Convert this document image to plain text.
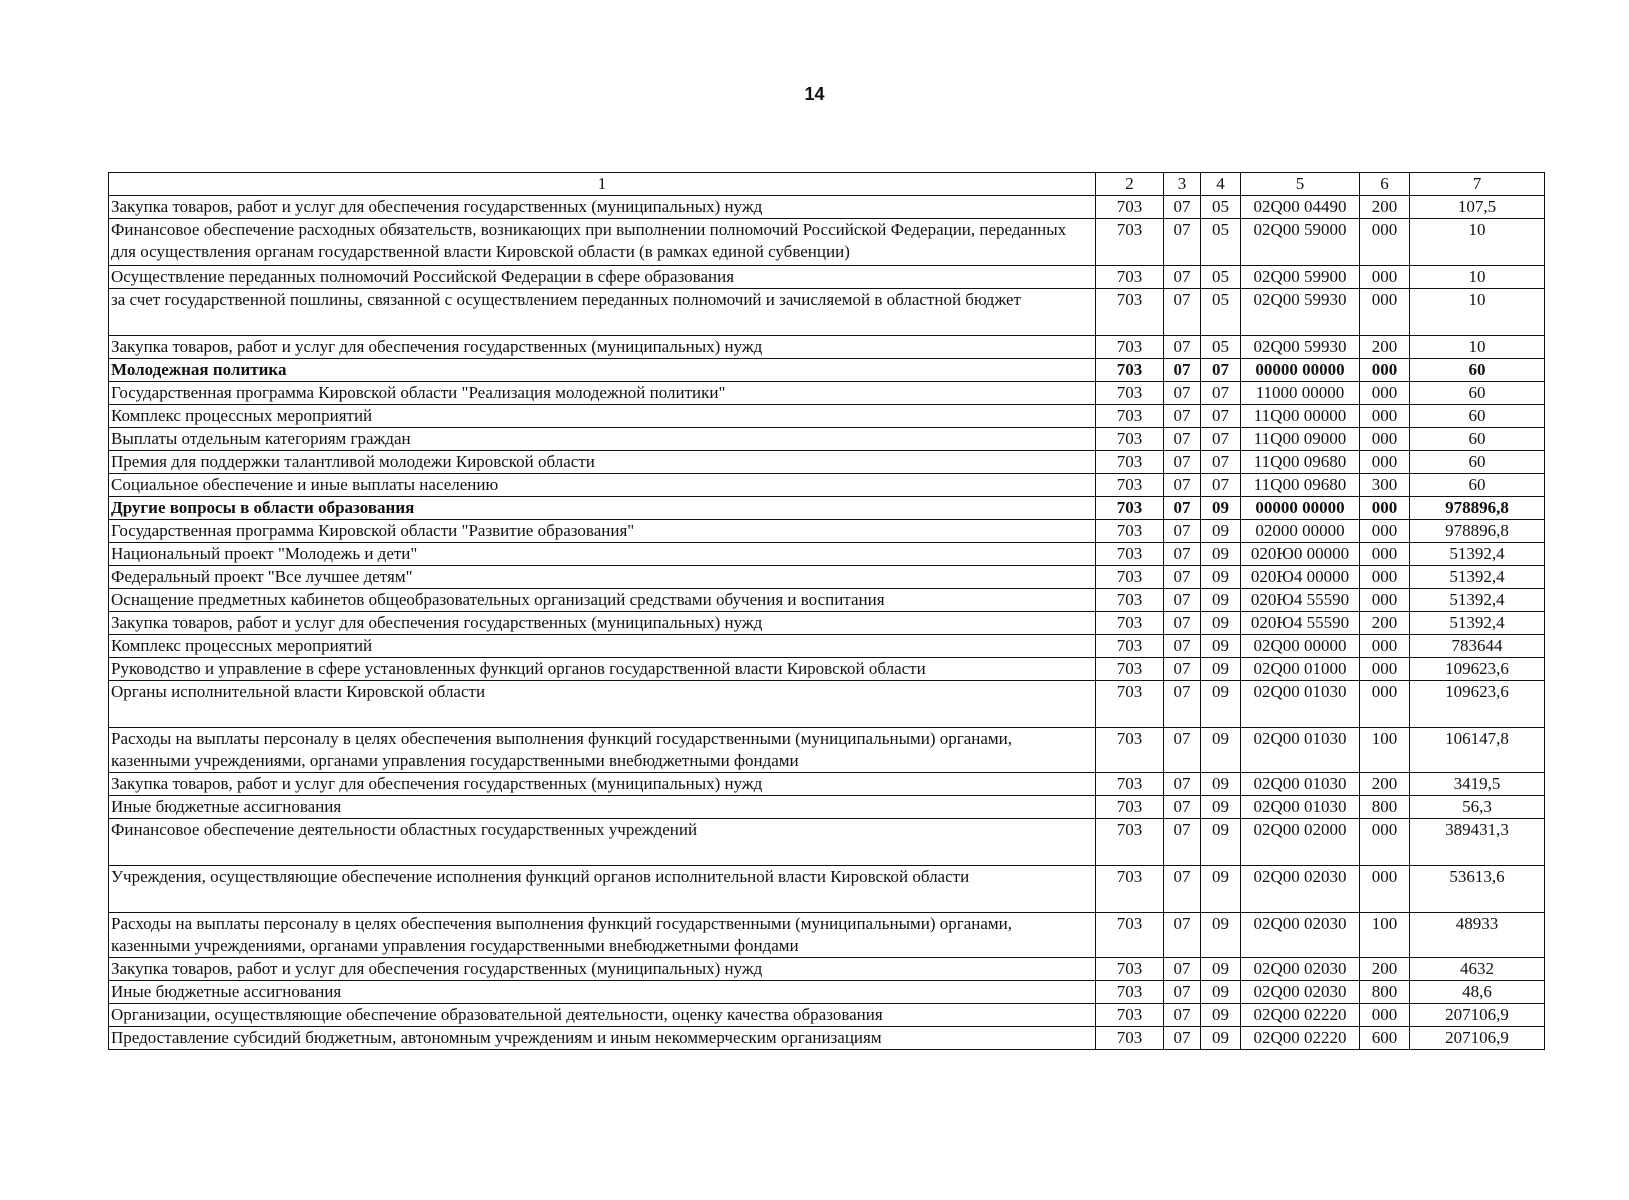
14
1	2	3	4	5	6	7
Закупка товаров, работ и услуг для обеспечения государственных (муниципальных) нужд	703	07	05	02Q00 04490	200	107,5
Финансовое обеспечение расходных обязательств, возникающих при выполнении полномочий Российской Федерации, переданных для осуществления органам государственной власти Кировской области (в рамках единой субвенции)	703	07	05	02Q00 59000	000	10
Осуществление переданных полномочий Российской Федерации в сфере образования	703	07	05	02Q00 59900	000	10
за счет государственной пошлины, связанной с осуществлением переданных полномочий и зачисляемой в областной бюджет	703	07	05	02Q00 59930	000	10
Закупка товаров, работ и услуг для обеспечения государственных (муниципальных) нужд	703	07	05	02Q00 59930	200	10
Молодежная политика	703	07	07	00000 00000	000	60
Государственная программа Кировской области "Реализация молодежной политики"	703	07	07	11000 00000	000	60
Комплекс процессных мероприятий	703	07	07	11Q00 00000	000	60
Выплаты отдельным категориям граждан	703	07	07	11Q00 09000	000	60
Премия для поддержки талантливой молодежи Кировской области	703	07	07	11Q00 09680	000	60
Социальное обеспечение и иные выплаты населению	703	07	07	11Q00 09680	300	60
Другие вопросы в области образования	703	07	09	00000 00000	000	978896,8
Государственная программа Кировской области "Развитие образования"	703	07	09	02000 00000	000	978896,8
Национальный проект "Молодежь и дети"	703	07	09	020Ю0 00000	000	51392,4
Федеральный проект "Все лучшее детям"	703	07	09	020Ю4 00000	000	51392,4
Оснащение предметных кабинетов общеобразовательных организаций средствами обучения и воспитания	703	07	09	020Ю4 55590	000	51392,4
Закупка товаров, работ и услуг для обеспечения государственных (муниципальных) нужд	703	07	09	020Ю4 55590	200	51392,4
Комплекс процессных мероприятий	703	07	09	02Q00 00000	000	783644
Руководство и управление в сфере установленных функций органов государственной власти Кировской области	703	07	09	02Q00 01000	000	109623,6
Органы исполнительной власти Кировской области	703	07	09	02Q00 01030	000	109623,6
Расходы на выплаты персоналу в целях обеспечения выполнения функций государственными (муниципальными) органами, казенными учреждениями, органами управления государственными внебюджетными фондами	703	07	09	02Q00 01030	100	106147,8
Закупка товаров, работ и услуг для обеспечения государственных (муниципальных) нужд	703	07	09	02Q00 01030	200	3419,5
Иные бюджетные ассигнования	703	07	09	02Q00 01030	800	56,3
Финансовое обеспечение деятельности областных государственных учреждений	703	07	09	02Q00 02000	000	389431,3
Учреждения, осуществляющие обеспечение исполнения функций органов исполнительной власти Кировской области	703	07	09	02Q00 02030	000	53613,6
Расходы на выплаты персоналу в целях обеспечения выполнения функций государственными (муниципальными) органами, казенными учреждениями, органами управления государственными внебюджетными фондами	703	07	09	02Q00 02030	100	48933
Закупка товаров, работ и услуг для обеспечения государственных (муниципальных) нужд	703	07	09	02Q00 02030	200	4632
Иные бюджетные ассигнования	703	07	09	02Q00 02030	800	48,6
Организации, осуществляющие обеспечение образовательной деятельности, оценку качества образования	703	07	09	02Q00 02220	000	207106,9
Предоставление субсидий бюджетным, автономным учреждениям и иным некоммерческим организациям	703	07	09	02Q00 02220	600	207106,9
